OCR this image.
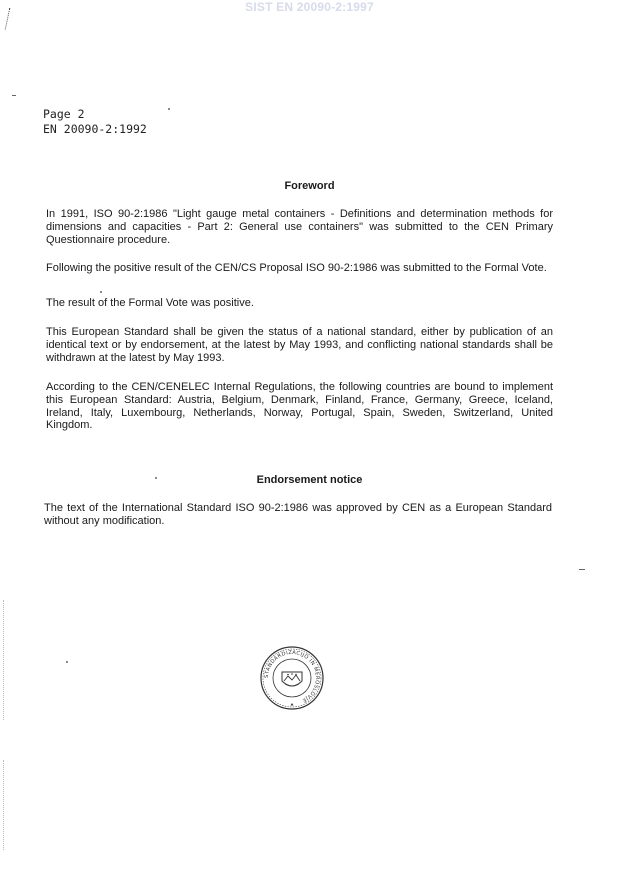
SIST EN 20090-2:1997
Page 2
EN 20090-2:1992
Foreword
In 1991, ISO 90-2:1986 "Light gauge metal containers - Definitions and determination methods for dimensions and capacities - Part 2: General use containers" was submitted to the CEN Primary Questionnaire procedure.
Following the positive result of the CEN/CS Proposal ISO 90-2:1986 was submitted to the Formal Vote.
The result of the Formal Vote was positive.
This European Standard shall be given the status of a national standard, either by publication of an identical text or by endorsement, at the latest by May 1993, and conflicting national standards shall be withdrawn at the latest by May 1993.
According to the CEN/CENELEC Internal Regulations, the following countries are bound to implement this European Standard: Austria, Belgium, Denmark, Finland, France, Germany, Greece, Iceland, Ireland, Italy, Luxembourg, Netherlands, Norway, Portugal, Spain, Sweden, Switzerland, United Kingdom.
Endorsement notice
The text of the International Standard ISO 90-2:1986 was approved by CEN as a European Standard without any modification.
STANDARDIZACIJO IN MEROSLOVJE
